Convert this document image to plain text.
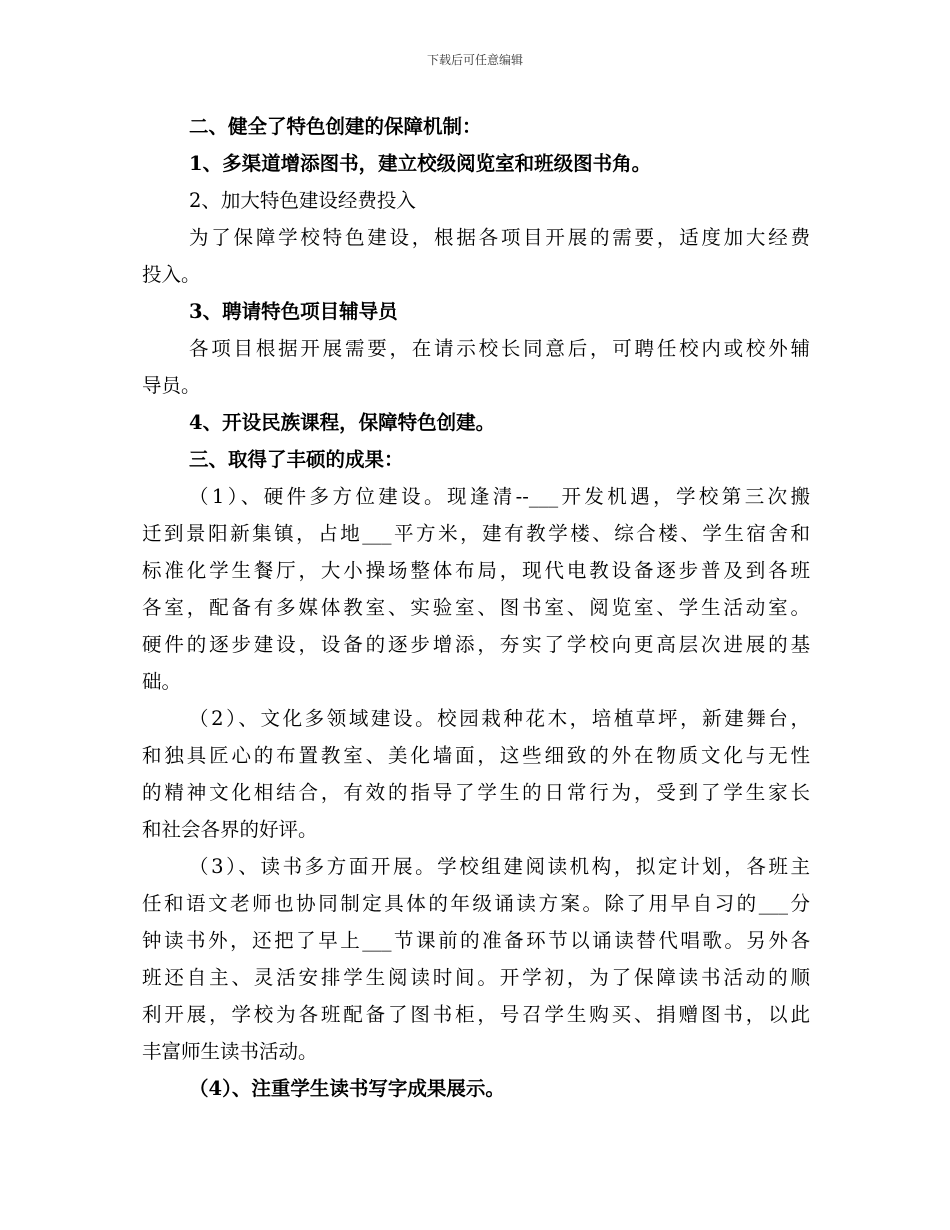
下载后可任意编辑
二、健全了特色创建的保障机制：
1、多渠道增添图书，建立校级阅览室和班级图书角。
2、加大特色建设经费投入
为了保障学校特色建设，根据各项目开展的需要，适度加大经费
投入。
3、聘请特色项目辅导员
各项目根据开展需要，在请示校长同意后，可聘任校内或校外辅
导员。
4、开设民族课程，保障特色创建。
三、取得了丰硕的成果：
（1）、硬件多方位建设。现逢清--___开发机遇，学校第三次搬
迁到景阳新集镇，占地___平方米，建有教学楼、综合楼、学生宿舍和
标准化学生餐厅，大小操场整体布局，现代电教设备逐步普及到各班
各室，配备有多媒体教室、实验室、图书室、阅览室、学生活动室。
硬件的逐步建设，设备的逐步增添，夯实了学校向更高层次进展的基
础。
（2）、文化多领域建设。校园栽种花木，培植草坪，新建舞台，
和独具匠心的布置教室、美化墙面，这些细致的外在物质文化与无性
的精神文化相结合，有效的指导了学生的日常行为，受到了学生家长
和社会各界的好评。
（3）、读书多方面开展。学校组建阅读机构，拟定计划，各班主
任和语文老师也协同制定具体的年级诵读方案。除了用早自习的___分
钟读书外，还把了早上___节课前的准备环节以诵读替代唱歌。另外各
班还自主、灵活安排学生阅读时间。开学初，为了保障读书活动的顺
利开展，学校为各班配备了图书柜，号召学生购买、捐赠图书，以此
丰富师生读书活动。
（4）、注重学生读书写字成果展示。
